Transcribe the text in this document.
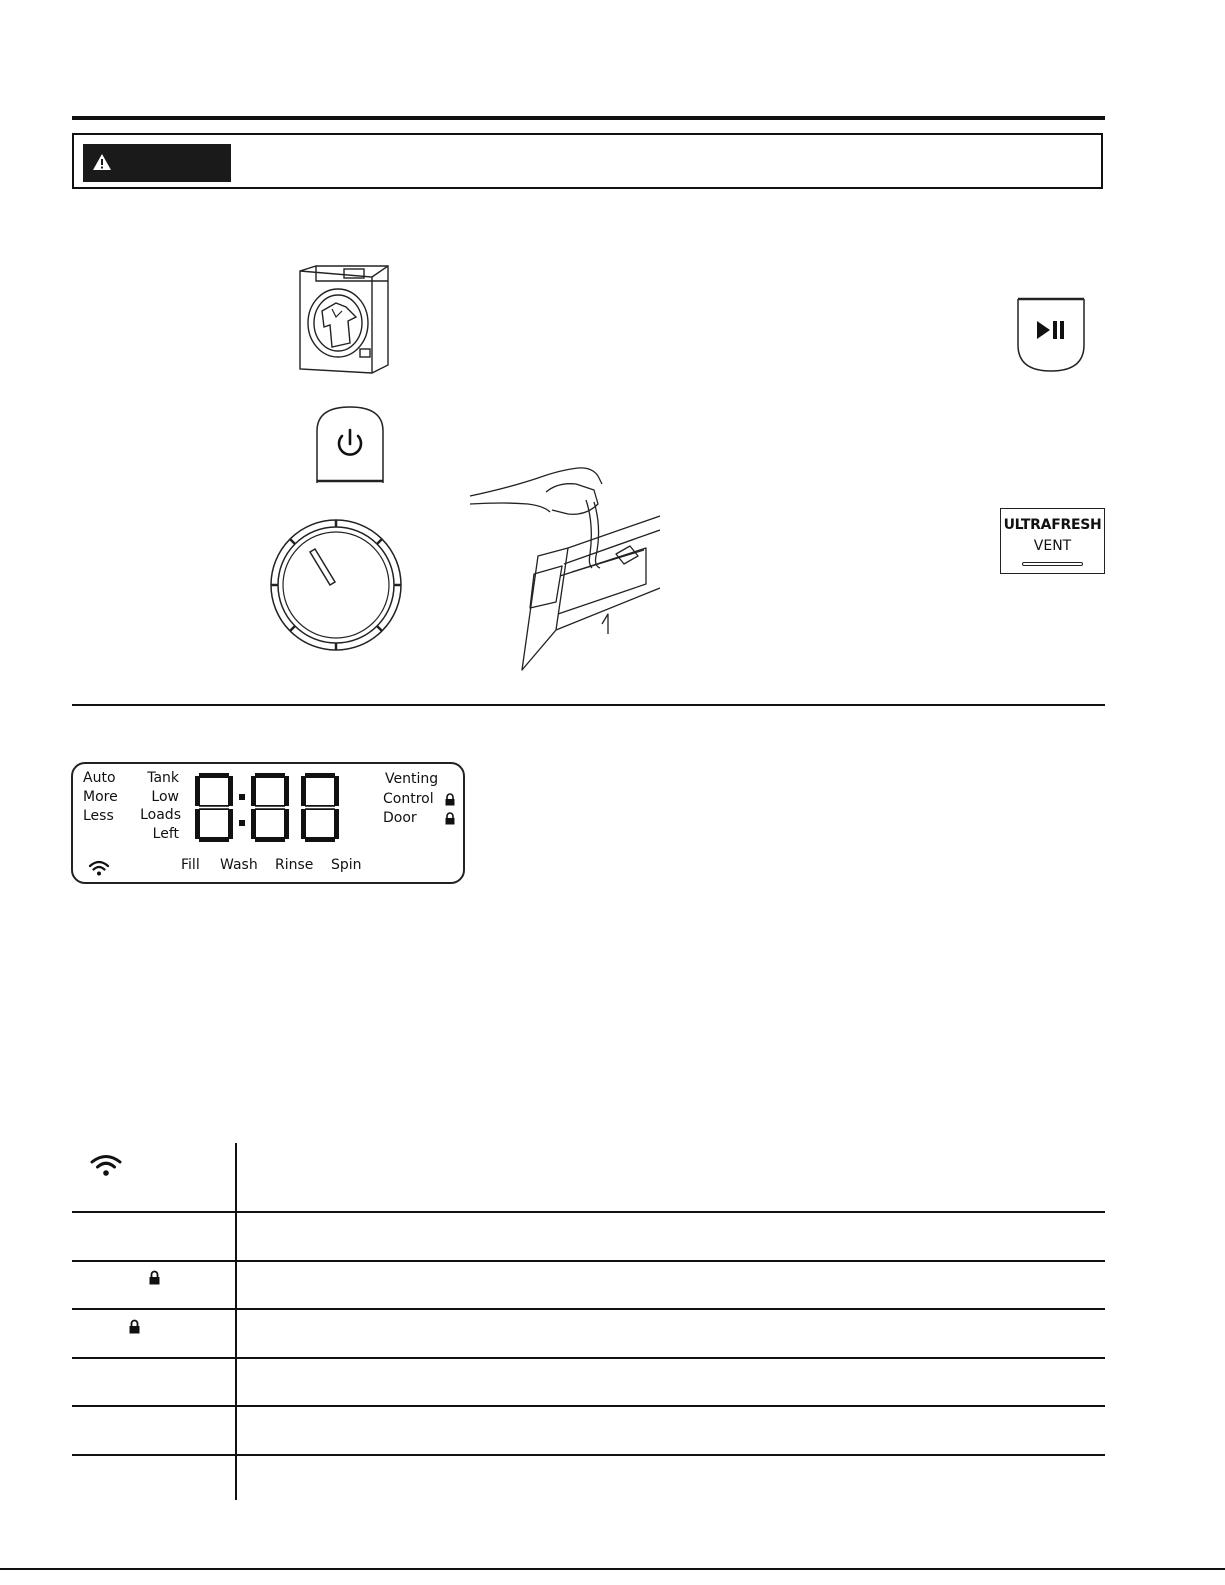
ULTRAFRESH
VENT
Auto
More
Less
Tank
Low
Loads
Left
Venting
Control
Door
Fill Wash Rinse Spin
